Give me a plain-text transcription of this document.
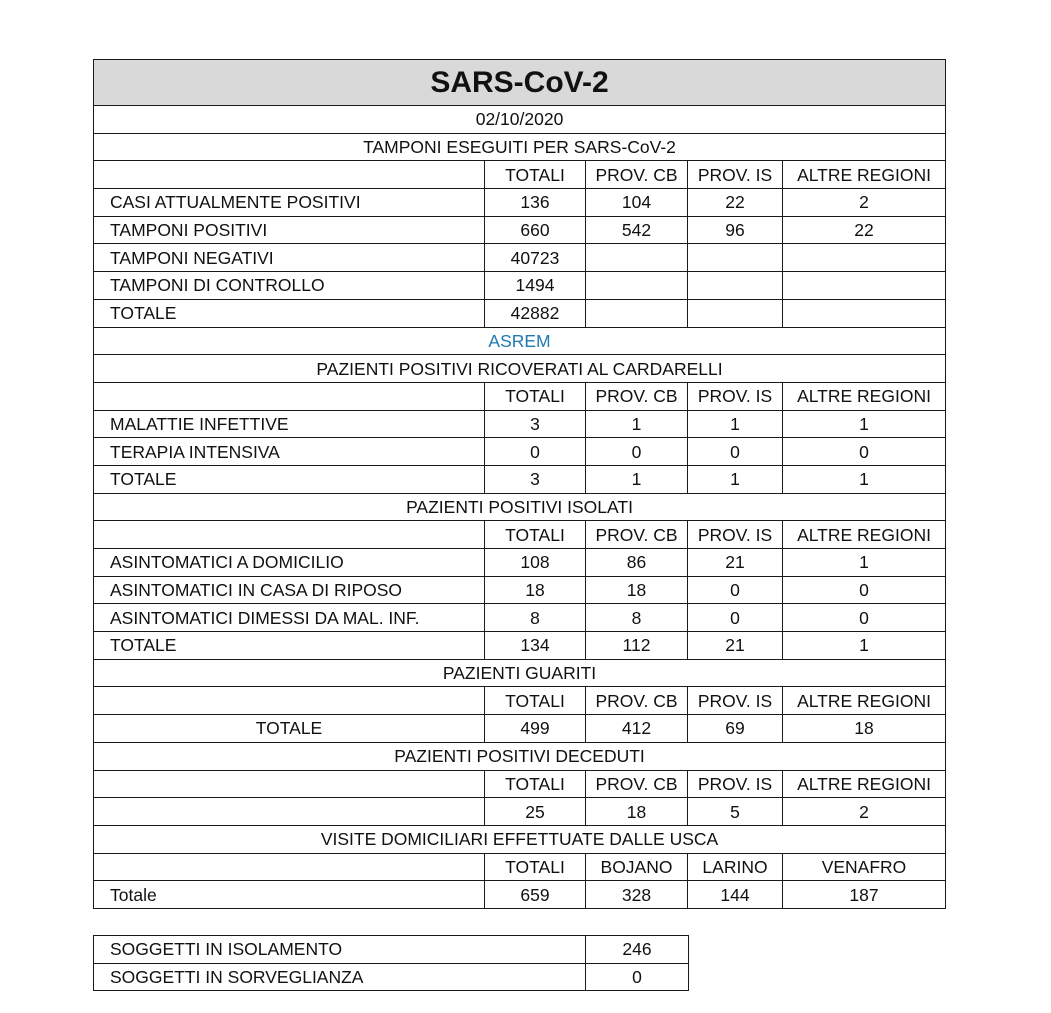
SARS-CoV-2				
02/10/2020				
TAMPONI ESEGUITI PER SARS-CoV-2				
	TOTALI	PROV. CB	PROV. IS	ALTRE REGIONI
CASI ATTUALMENTE POSITIVI	136	104	22	2
TAMPONI POSITIVI	660	542	96	22
TAMPONI NEGATIVI	40723			
TAMPONI DI CONTROLLO	1494			
TOTALE	42882			
ASREM				
PAZIENTI POSITIVI RICOVERATI AL CARDARELLI				
	TOTALI	PROV. CB	PROV. IS	ALTRE REGIONI
MALATTIE INFETTIVE	3	1	1	1
TERAPIA INTENSIVA	0	0	0	0
TOTALE	3	1	1	1
PAZIENTI POSITIVI ISOLATI				
	TOTALI	PROV. CB	PROV. IS	ALTRE REGIONI
ASINTOMATICI A DOMICILIO	108	86	21	1
ASINTOMATICI IN CASA DI RIPOSO	18	18	0	0
ASINTOMATICI DIMESSI DA MAL. INF.	8	8	0	0
TOTALE	134	112	21	1
PAZIENTI GUARITI				
	TOTALI	PROV. CB	PROV. IS	ALTRE REGIONI
TOTALE	499	412	69	18
PAZIENTI POSITIVI DECEDUTI				
	TOTALI	PROV. CB	PROV. IS	ALTRE REGIONI
	25	18	5	2
VISITE DOMICILIARI EFFETTUATE DALLE USCA				
	TOTALI	BOJANO	LARINO	VENAFRO
Totale	659	328	144	187
SOGGETTI IN ISOLAMENTO	246
SOGGETTI IN SORVEGLIANZA	0
